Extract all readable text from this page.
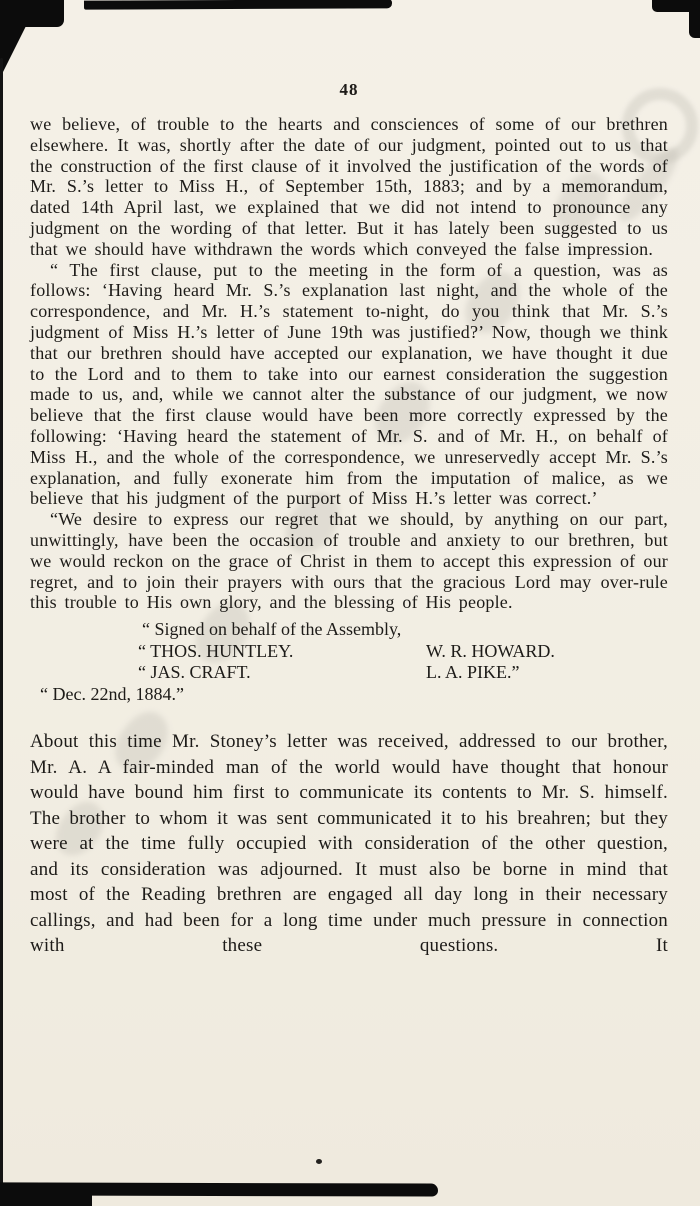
48

we believe, of trouble to the hearts and consciences of some of our brethren elsewhere. It was, shortly after the date of our judgment, pointed out to us that the construction of the first clause of it involved the justification of the words of Mr. S.’s letter to Miss H., of September 15th, 1883; and by a memorandum, dated 14th April last, we explained that we did not intend to pronounce any judgment on the wording of that letter. But it has lately been suggested to us that we should have withdrawn the words which conveyed the false impression.

“ The first clause, put to the meeting in the form of a question, was as follows: ‘Having heard Mr. S.’s explanation last night, and the whole of the correspondence, and Mr. H.’s statement to-night, do you think that Mr. S.’s judgment of Miss H.’s letter of June 19th was justified?’ Now, though we think that our brethren should have accepted our explanation, we have thought it due to the Lord and to them to take into our earnest consideration the suggestion made to us, and, while we cannot alter the substance of our judgment, we now believe that the first clause would have been more correctly expressed by the following: ‘Having heard the statement of Mr. S. and of Mr. H., on behalf of Miss H., and the whole of the correspondence, we unreservedly accept Mr. S.’s explanation, and fully exonerate him from the imputation of malice, as we believe that his judgment of the purport of Miss H.’s letter was correct.’

“We desire to express our regret that we should, by anything on our part, unwittingly, have been the occasion of trouble and anxiety to our brethren, but we would reckon on the grace of Christ in them to accept this expression of our regret, and to join their prayers with ours that the gracious Lord may over-rule this trouble to His own glory, and the blessing of His people.

“ Signed on behalf of the Assembly,
“ THOS. HUNTLEY.	W. R. HOWARD.
“ JAS. CRAFT.	L. A. PIKE.”
“ Dec. 22nd, 1884.”

About this time Mr. Stoney’s letter was received, addressed to our brother, Mr. A. A fair-minded man of the world would have thought that honour would have bound him first to communicate its contents to Mr. S. himself. The brother to whom it was sent communicated it to his breahren; but they were at the time fully occupied with consideration of the other question, and its consideration was adjourned. It must also be borne in mind that most of the Reading brethren are engaged all day long in their necessary callings, and had been for a long time under much pressure in connection with these questions. It
